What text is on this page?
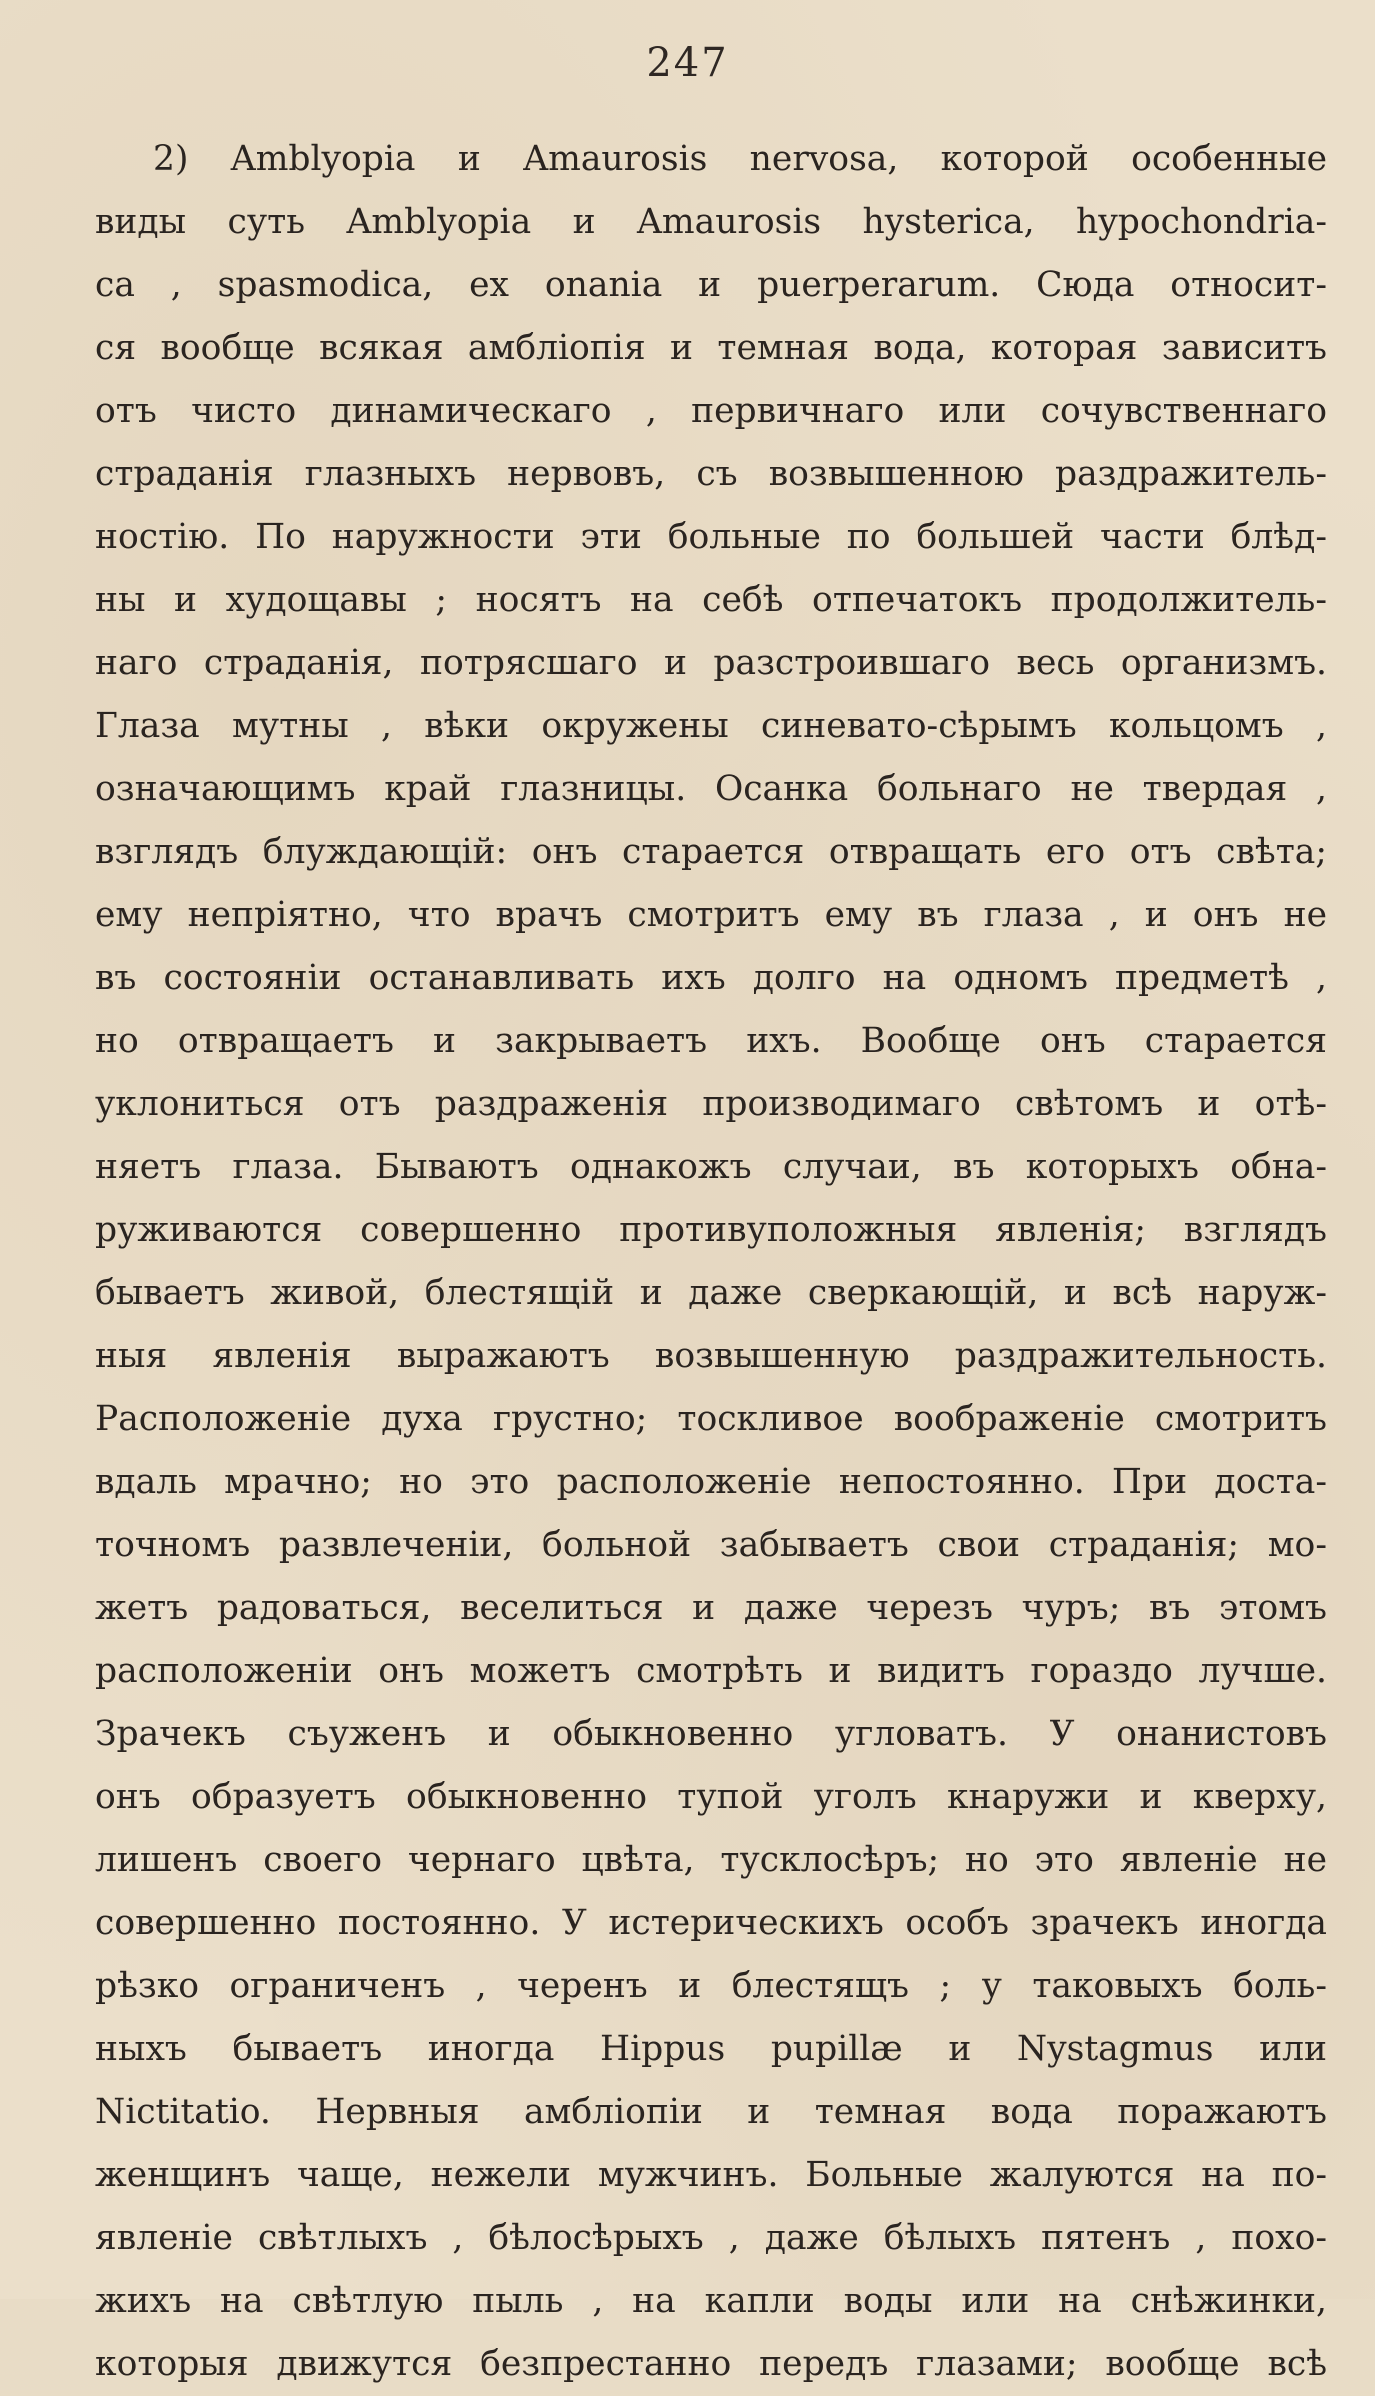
247
2) Amblyopia и Amaurosis nervosa, которой особенные
виды суть Amblyopia и Amaurosis hysterica, hypochondria-
ca , spasmodica, ex onania и puerperarum. Сюда относит-
ся вообще всякая амблiопiя и темная вода, которая зависитъ
отъ чисто динамическаго , первичнаго или сочувственнаго
страданiя глазныхъ нервовъ, съ возвышенною раздражитель-
ностiю. По наружности эти больные по большей части блѣд-
ны и худощавы ; носятъ на себѣ отпечатокъ продолжитель-
наго страданiя, потрясшаго и разстроившаго весь организмъ.
Глаза мутны , вѣки окружены синевато-сѣрымъ кольцомъ ,
означающимъ край глазницы. Осанка больнаго не твердая ,
взглядъ блуждающiй: онъ старается отвращать его отъ свѣта;
ему непрiятно, что врачъ смотритъ ему въ глаза , и онъ не
въ состоянiи останавливать ихъ долго на одномъ предметѣ ,
но отвращаетъ и закрываетъ ихъ. Вообще онъ старается
уклониться отъ раздраженiя производимаго свѣтомъ и отѣ-
няетъ глаза. Бываютъ однакожъ случаи, въ которыхъ обна-
руживаются совершенно противуположныя явленiя; взглядъ
бываетъ живой, блестящiй и даже сверкающiй, и всѣ наруж-
ныя явленiя выражаютъ возвышенную раздражительность.
Расположенiе духа грустно; тоскливое воображенiе смотритъ
вдаль мрачно; но это расположенiе непостоянно. При доста-
точномъ развлеченiи, больной забываетъ свои страданiя; мо-
жетъ радоваться, веселиться и даже черезъ чуръ; въ этомъ
расположенiи онъ можетъ смотрѣть и видитъ гораздо лучше.
Зрачекъ съуженъ и обыкновенно угловатъ. У онанистовъ
онъ образуетъ обыкновенно тупой уголъ кнаружи и кверху,
лишенъ своего чернаго цвѣта, тусклосѣръ; но это явленiе не
совершенно постоянно. У истерическихъ особъ зрачекъ иногда
рѣзко ограниченъ , черенъ и блестящъ ; у таковыхъ боль-
ныхъ бываетъ иногда Hippus pupillæ и Nystagmus или
Nictitatio. Нервныя амблiопiи и темная вода поражаютъ
женщинъ чаще, нежели мужчинъ. Больные жалуются на по-
явленiе свѣтлыхъ , бѣлосѣрыхъ , даже бѣлыхъ пятенъ , похо-
жихъ на свѣтлую пыль , на капли воды или на снѣжинки,
которыя движутся безпрестанно передъ глазами; вообще всѣ
